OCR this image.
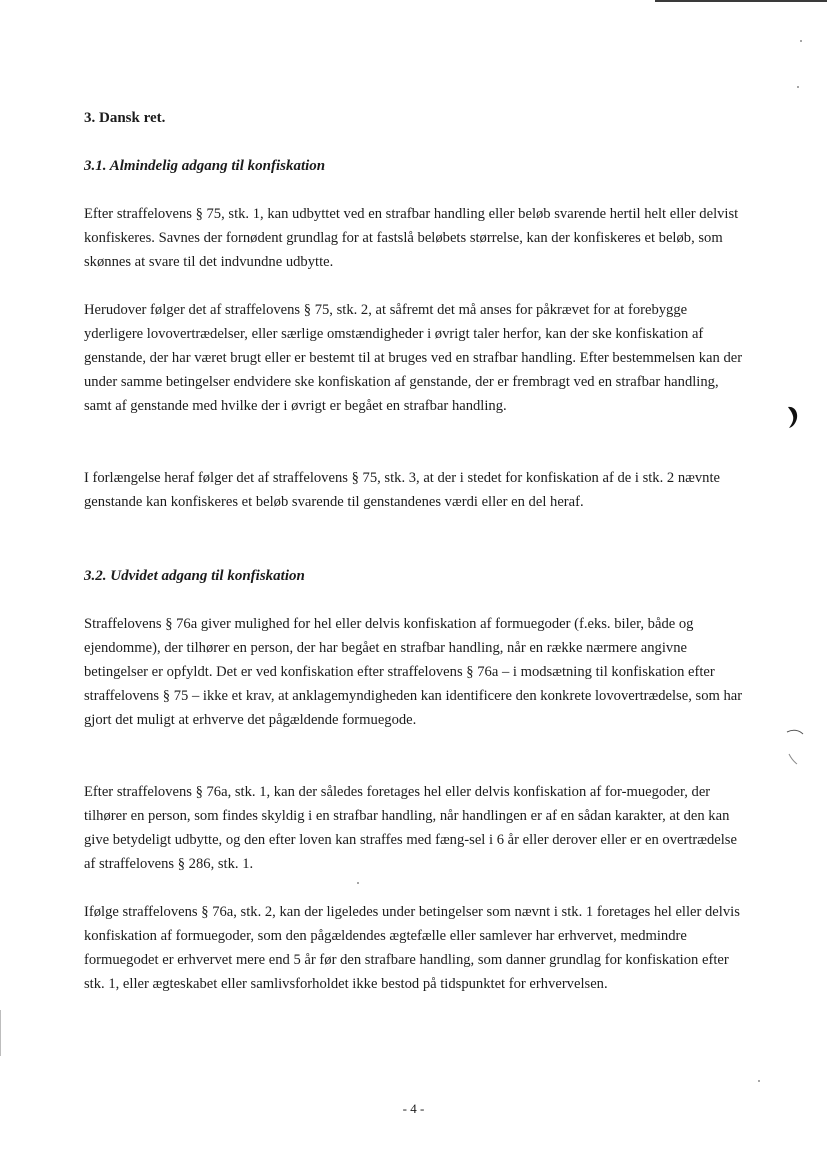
3. Dansk ret.
3.1. Almindelig adgang til konfiskation

Efter straffelovens § 75, stk. 1, kan udbyttet ved en strafbar handling eller beløb svarende hertil helt eller delvist konfiskeres. Savnes der fornødent grundlag for at fastslå beløbets størrelse, kan der konfiskeres et beløb, som skønnes at svare til det indvundne udbytte.

Herudover følger det af straffelovens § 75, stk. 2, at såfremt det må anses for påkrævet for at forebygge yderligere lovovertrædelser, eller særlige omstændigheder i øvrigt taler herfor, kan der ske konfiskation af genstande, der har været brugt eller er bestemt til at bruges ved en strafbar handling. Efter bestemmelsen kan der under samme betingelser endvidere ske konfiskation af genstande, der er frembragt ved en strafbar handling, samt af genstande med hvilke der i øvrigt er begået en strafbar handling.

I forlængelse heraf følger det af straffelovens § 75, stk. 3, at der i stedet for konfiskation af de i stk. 2 nævnte genstande kan konfiskeres et beløb svarende til genstandenes værdi eller en del heraf.

3.2. Udvidet adgang til konfiskation

Straffelovens § 76a giver mulighed for hel eller delvis konfiskation af formuegoder (f.eks. biler, både og ejendomme), der tilhører en person, der har begået en strafbar handling, når en række nærmere angivne betingelser er opfyldt. Det er ved konfiskation efter straffelovens § 76a – i modsætning til konfiskation efter straffelovens § 75 – ikke et krav, at anklagemyndigheden kan identificere den konkrete lovovertrædelse, som har gjort det muligt at erhverve det pågældende formuegode.

Efter straffelovens § 76a, stk. 1, kan der således foretages hel eller delvis konfiskation af for-muegoder, der tilhører en person, som findes skyldig i en strafbar handling, når handlingen er af en sådan karakter, at den kan give betydeligt udbytte, og den efter loven kan straffes med fæng-sel i 6 år eller derover eller er en overtrædelse af straffelovens § 286, stk. 1.

Ifølge straffelovens § 76a, stk. 2, kan der ligeledes under betingelser som nævnt i stk. 1 foretages hel eller delvis konfiskation af formuegoder, som den pågældendes ægtefælle eller samlever har erhvervet, medmindre formuegodet er erhvervet mere end 5 år før den strafbare handling, som danner grundlag for konfiskation efter stk. 1, eller ægteskabet eller samlivsforholdet ikke bestod på tidspunktet for erhvervelsen.

- 4 -
